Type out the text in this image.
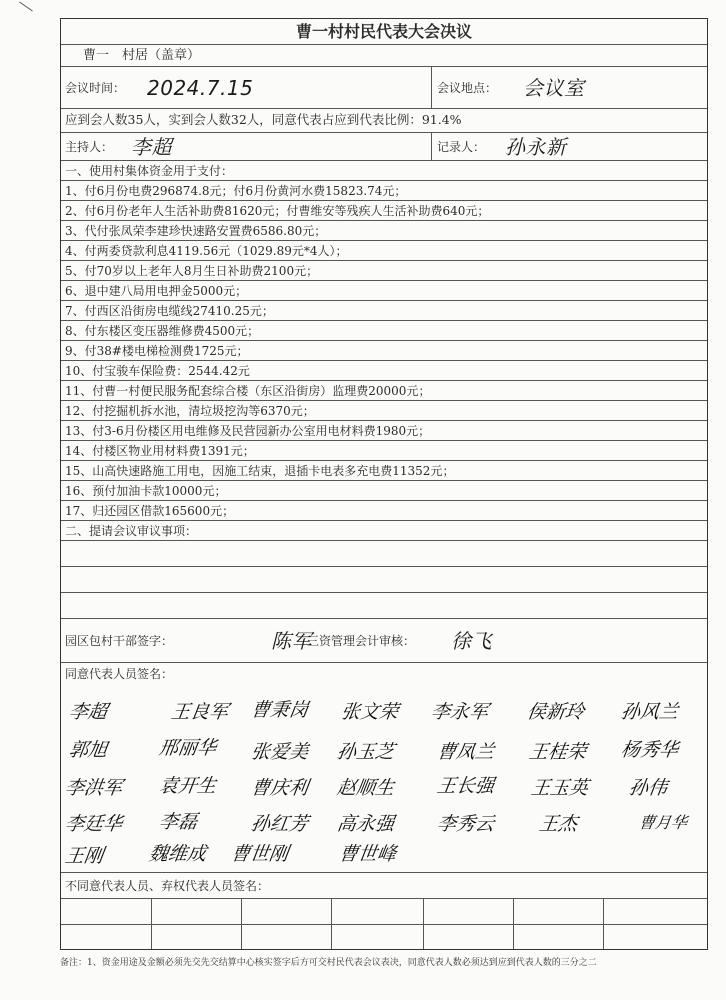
曹一村村民代表大会决议
曹一　村居（盖章）
会议时间： 2024.7.15	会议地点： 会议室
应到会人数35人，实到会人数32人，同意代表占应到代表比例：91.4%
主持人： 李超	记录人： 孙永新
一、使用村集体资金用于支付：
1、付6月份电费296874.8元；付6月份黄河水费15823.74元；
2、付6月份老年人生活补助费81620元；付曹维安等残疾人生活补助费640元；
3、代付张凤荣李建珍快速路安置费6586.80元；
4、付两委贷款利息4119.56元（1029.89元*4人）；
5、付70岁以上老年人8月生日补助费2100元；
6、退中建八局用电押金5000元；
7、付西区沿街房电缆线27410.25元；
8、付东楼区变压器维修费4500元；
9、付38#楼电梯检测费1725元；
10、付宝骏车保险费：2544.42元
11、付曹一村便民服务配套综合楼（东区沿街房）监理费20000元；
12、付挖掘机拆水池，清垃圾挖沟等6370元；
13、付3-6月份楼区用电维修及民营园新办公室用电材料费1980元；
14、付楼区物业用材料费1391元；
15、山高快速路施工用电，因施工结束，退插卡电表多充电费11352元；
16、预付加油卡款10000元；
17、归还园区借款165600元；
二、提请会议审议事项：
园区包村干部签字：	陈军
三资管理会计审核： 徐飞
同意代表人员签名：
李超	王良军 曹秉岗 张文荣 李永军 侯新玲 孙风兰
郭旭	邢丽华 张爱美 孙玉芝 曹凤兰 王桂荣 杨秀华
李洪军 袁开生 曹庆利 赵顺生 王长强 王玉英 孙伟
李廷华 李磊	孙红芳 高永强 李秀云 王杰	曹月华
王刚 魏维成 曹世刚	曹世峰
不同意代表人员、弃权代表人员签名：
备注：1、资金用途及金额必须先交先交结算中心核实签字后方可交村民代表会议表决，同意代表人数必须达到应到代表人数的三分之二
